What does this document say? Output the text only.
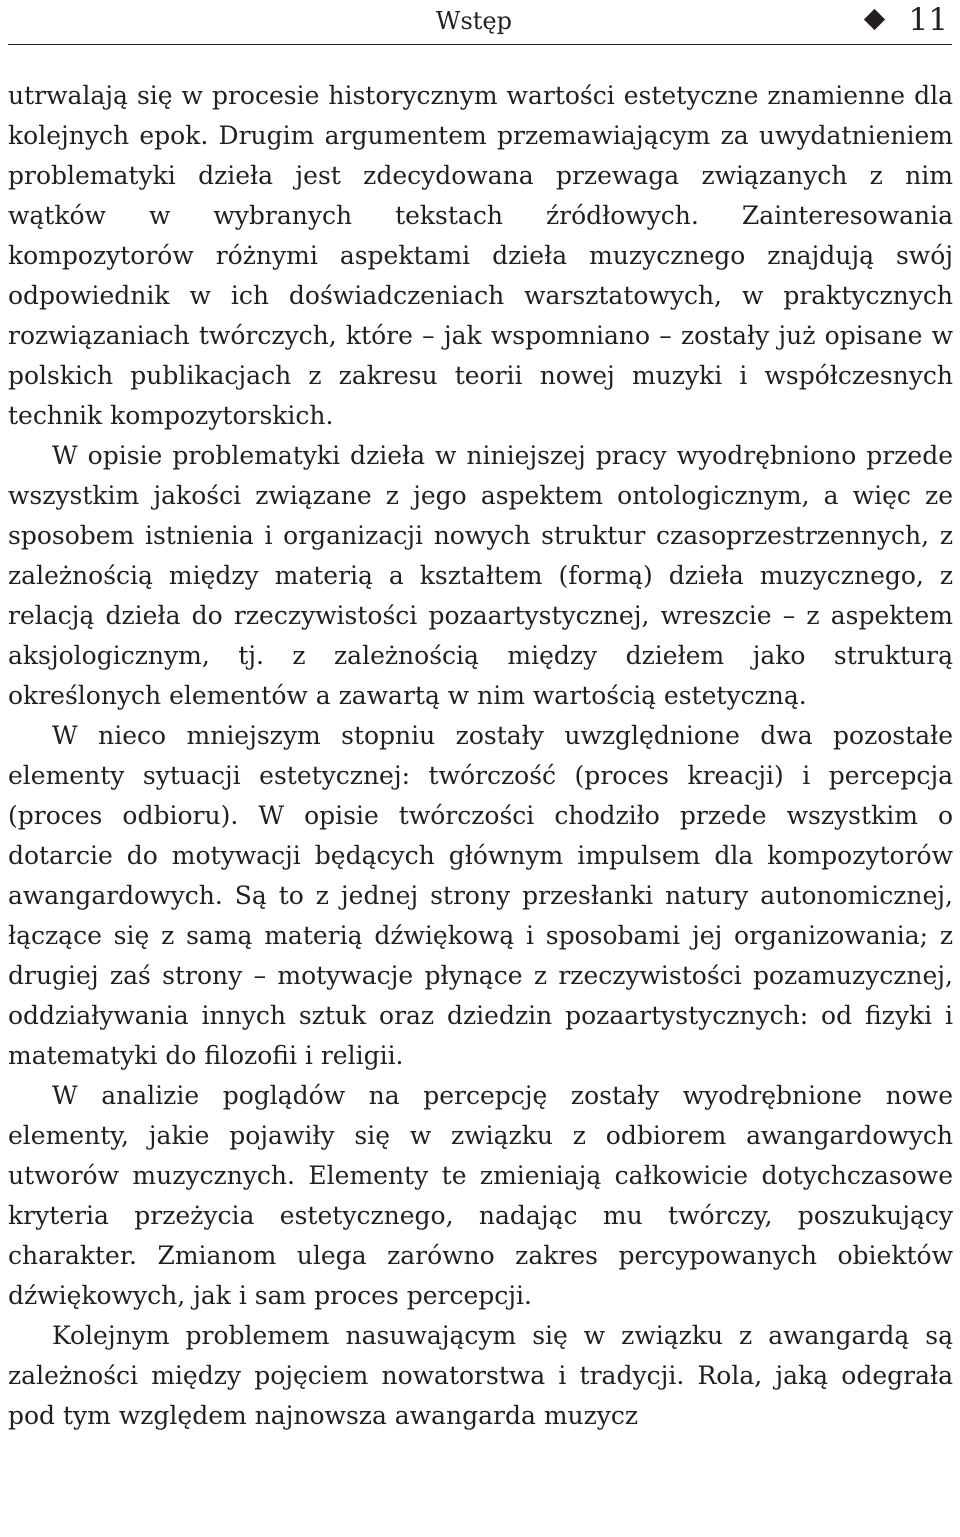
Wstęp	11

utrwalają się w procesie historycznym wartości estetyczne znamienne dla kolejnych epok. Drugim argumentem przemawiającym za uwydatnieniem problematyki dzieła jest zdecydowana przewaga związanych z nim wątków w wybranych tekstach źródłowych. Zainteresowania kompozytorów różnymi aspektami dzieła muzycznego znajdują swój odpowiednik w ich doświadczeniach warsztatowych, w praktycznych rozwiązaniach twórczych, które – jak wspomniano – zostały już opisane w polskich publikacjach z zakresu teorii nowej muzyki i współczesnych technik kompozytorskich.

W opisie problematyki dzieła w niniejszej pracy wyodrębniono przede wszystkim jakości związane z jego aspektem ontologicznym, a więc ze sposobem istnienia i organizacji nowych struktur czasoprzestrzennych, z zależnością między materią a kształtem (formą) dzieła muzycznego, z relacją dzieła do rzeczywistości pozaartystycznej, wreszcie – z aspektem aksjologicznym, tj. z zależnością między dziełem jako strukturą określonych elementów a zawartą w nim wartością estetyczną.

W nieco mniejszym stopniu zostały uwzględnione dwa pozostałe elementy sytuacji estetycznej: twórczość (proces kreacji) i percepcja (proces odbioru). W opisie twórczości chodziło przede wszystkim o dotarcie do motywacji będących głównym impulsem dla kompozytorów awangardowych. Są to z jednej strony przesłanki natury autonomicznej, łączące się z samą materią dźwiękową i sposobami jej organizowania; z drugiej zaś strony – motywacje płynące z rzeczywistości pozamuzycznej, oddziaływania innych sztuk oraz dziedzin pozaartystycznych: od fizyki i matematyki do filozofii i religii.

W analizie poglądów na percepcję zostały wyodrębnione nowe elementy, jakie pojawiły się w związku z odbiorem awangardowych utworów muzycznych. Elementy te zmieniają całkowicie dotychczasowe kryteria przeżycia estetycznego, nadając mu twórczy, poszukujący charakter. Zmianom ulega zarówno zakres percypowanych obiektów dźwiękowych, jak i sam proces percepcji.

Kolejnym problemem nasuwającym się w związku z awangardą są zależności między pojęciem nowatorstwa i tradycji. Rola, jaką odegrała pod tym względem najnowsza awangarda muzycz
